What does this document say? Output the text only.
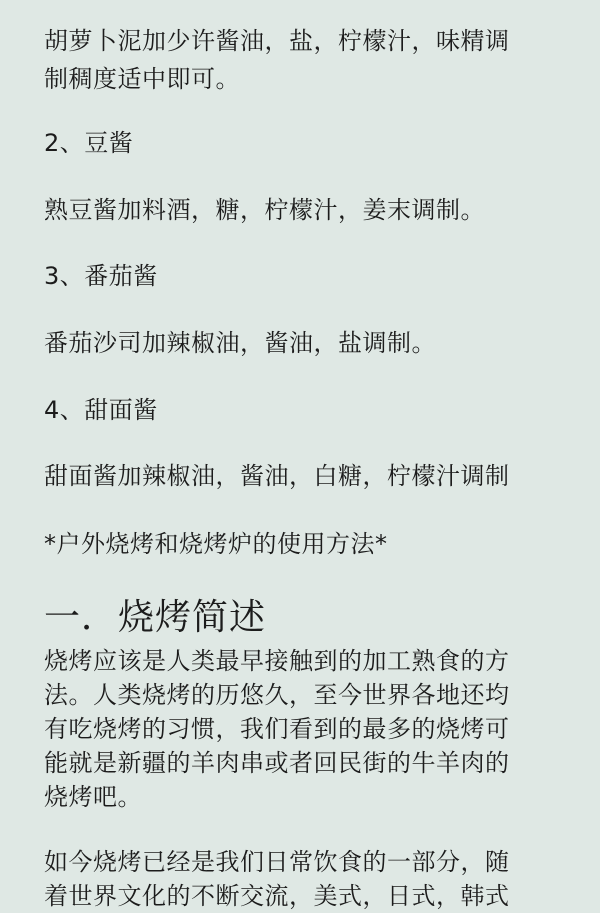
胡萝卜泥加少许酱油，盐，柠檬汁，味精调
制稠度适中即可。
2、豆酱
熟豆酱加料酒，糖，柠檬汁，姜末调制。
3、番茄酱
番茄沙司加辣椒油，酱油，盐调制。
4、甜面酱
甜面酱加辣椒油，酱油，白糖，柠檬汁调制
*户外烧烤和烧烤炉的使用方法*
一．烧烤简述
烧烤应该是人类最早接触到的加工熟食的方
法。人类烧烤的历悠久，至今世界各地还均
有吃烧烤的习惯，我们看到的最多的烧烤可
能就是新疆的羊肉串或者回民街的牛羊肉的
烧烤吧。
如今烧烤已经是我们日常饮食的一部分，随
着世界文化的不断交流，美式，日式，韩式
